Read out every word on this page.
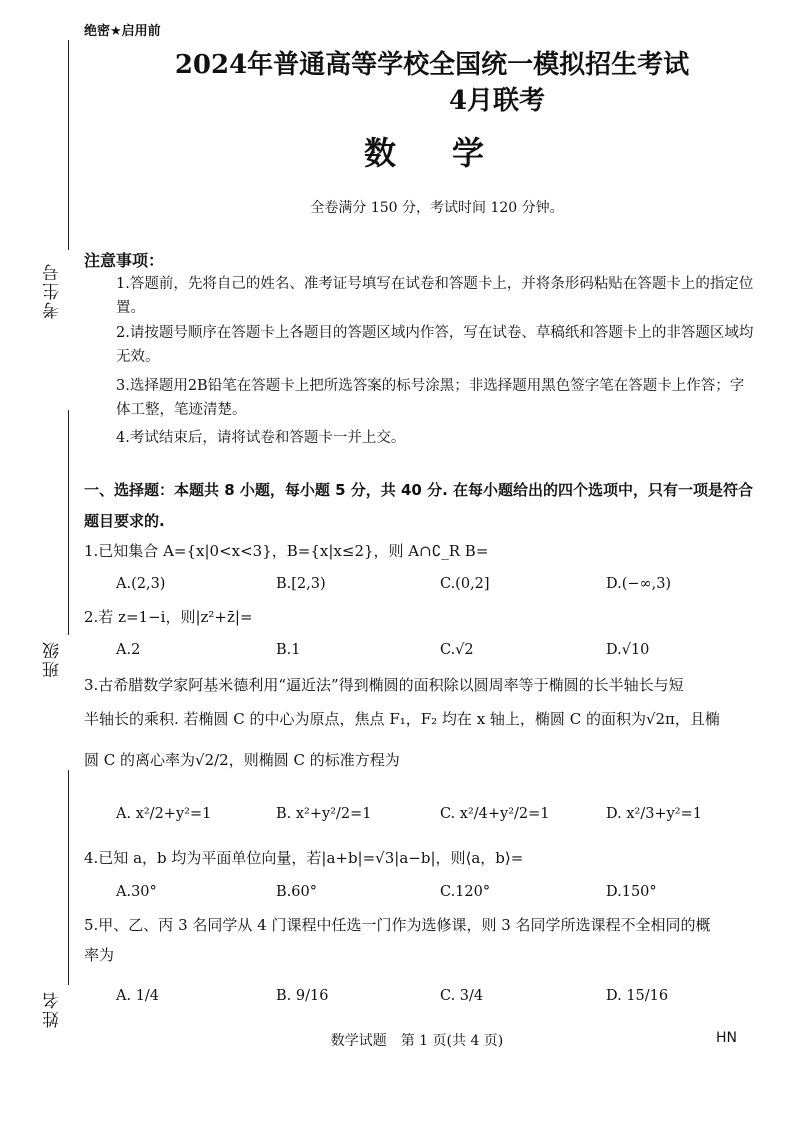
考生号
班级
姓名
绝密★启用前
2024年普通高等学校全国统一模拟招生考试
4月联考
数学
全卷满分 150 分，考试时间 120 分钟。
注意事项：
1.答题前，先将自己的姓名、准考证号填写在试卷和答题卡上，并将条形码粘贴在答题卡上的指定位置。
2.请按题号顺序在答题卡上各题目的答题区域内作答，写在试卷、草稿纸和答题卡上的非答题区域均无效。
3.选择题用2B铅笔在答题卡上把所选答案的标号涂黑；非选择题用黑色签字笔在答题卡上作答；字体工整，笔迹清楚。
4.考试结束后，请将试卷和答题卡一并上交。
一、选择题：本题共 8 小题，每小题 5 分，共 40 分. 在每小题给出的四个选项中，只有一项是符合
题目要求的.
1.已知集合 A={x|0<x<3}，B={x|x≤2}，则 A∩∁_R B=
A.(2,3)	B.[2,3)	C.(0,2]	D.(−∞,3)
2.若 z=1−i，则|z²+z̄|=
A.2	B.1	C.√2	D.√10
3.古希腊数学家阿基米德利用“逼近法”得到椭圆的面积除以圆周率等于椭圆的长半轴长与短
半轴长的乘积. 若椭圆 C 的中心为原点，焦点 F₁，F₂ 均在 x 轴上，椭圆 C 的面积为√2π，且椭
圆 C 的离心率为√2/2，则椭圆 C 的标准方程为
A. x²/2+y²=1	B. x²+y²/2=1	C. x²/4+y²/2=1	D. x²/3+y²=1
4.已知 a，b 均为平面单位向量，若|a+b|=√3|a−b|，则⟨a，b⟩=
A.30°	B.60°	C.120°	D.150°
5.甲、乙、丙 3 名同学从 4 门课程中任选一门作为选修课，则 3 名同学所选课程不全相同的概
率为
A. 1/4	B. 9/16	C. 3/4	D. 15/16
数学试题　第 1 页(共 4 页)	HN
